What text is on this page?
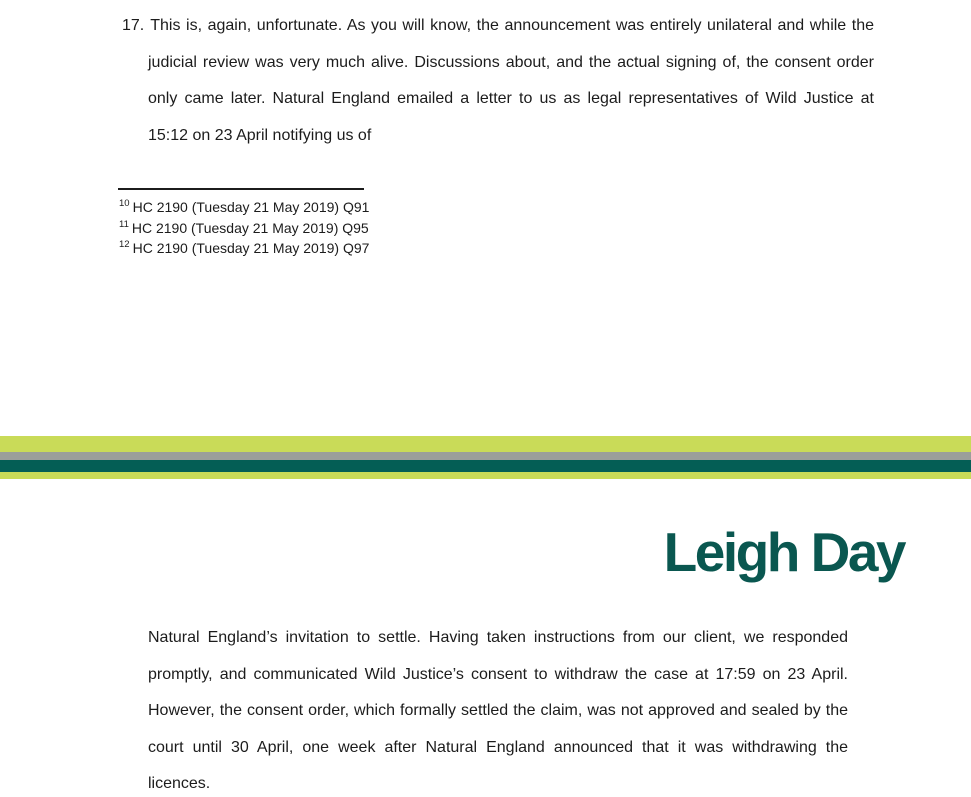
17. This is, again, unfortunate. As you will know, the announcement was entirely unilateral and while the judicial review was very much alive. Discussions about, and the actual signing of, the consent order only came later. Natural England emailed a letter to us as legal representatives of Wild Justice at 15:12 on 23 April notifying us of
$^{10}$ HC 2190 (Tuesday 21 May 2019) Q91
$^{11}$ HC 2190 (Tuesday 21 May 2019) Q95
$^{12}$ HC 2190 (Tuesday 21 May 2019) Q97
Leigh Day
Natural England’s invitation to settle. Having taken instructions from our client, we responded promptly, and communicated Wild Justice’s consent to withdraw the case at 17:59 on 23 April. However, the consent order, which formally settled the claim, was not approved and sealed by the court until 30 April, one week after Natural England announced that it was withdrawing the licences.
